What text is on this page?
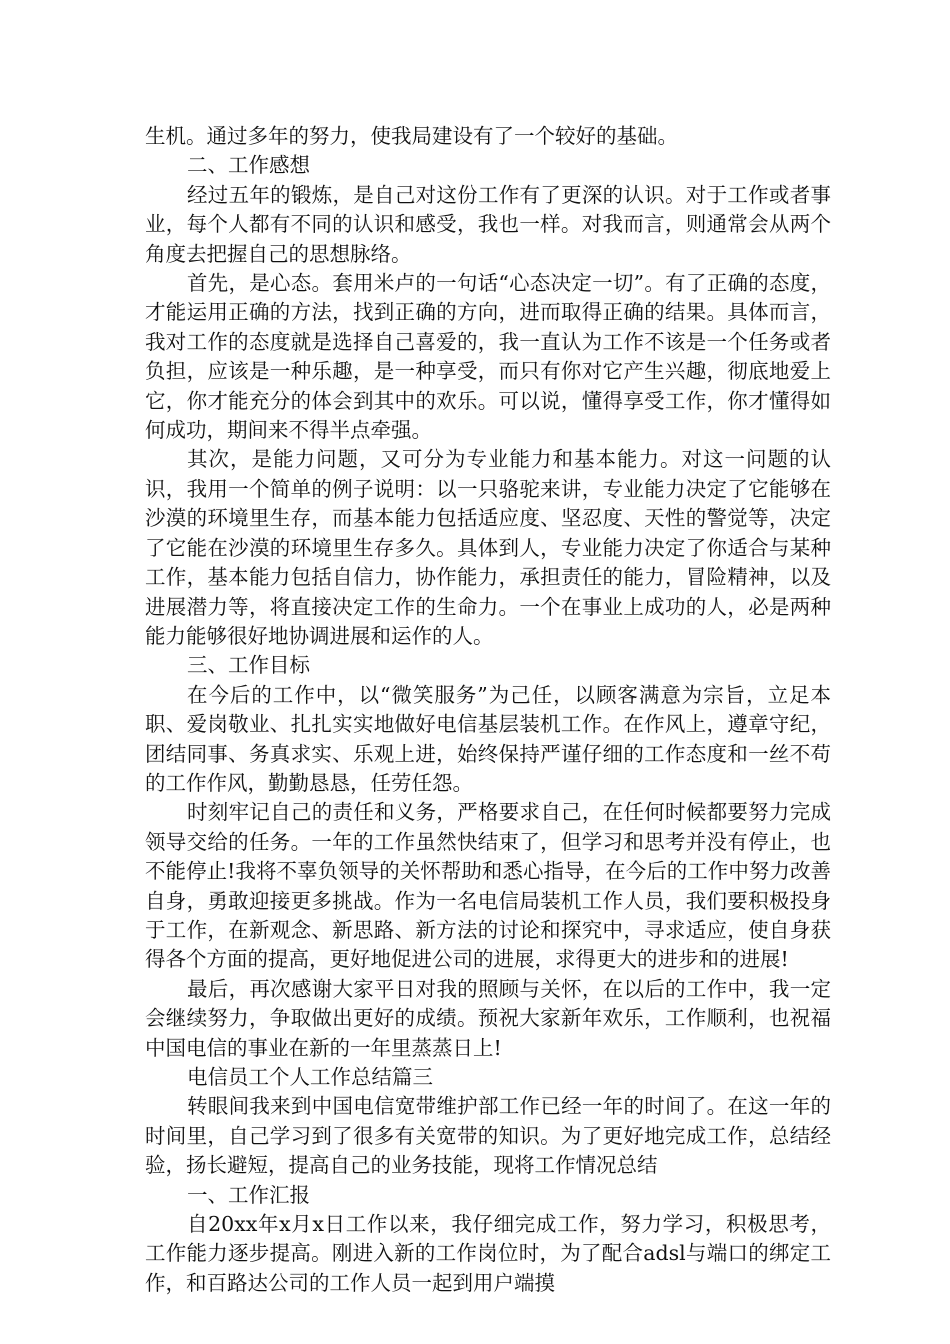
生机。通过多年的努力，使我局建设有了一个较好的基础。

二、工作感想

经过五年的锻炼，是自己对这份工作有了更深的认识。对于工作或者事业，每个人都有不同的认识和感受，我也一样。对我而言，则通常会从两个角度去把握自己的思想脉络。

首先，是心态。套用米卢的一句话“心态决定一切”。有了正确的态度，才能运用正确的方法，找到正确的方向，进而取得正确的结果。具体而言，我对工作的态度就是选择自己喜爱的，我一直认为工作不该是一个任务或者负担，应该是一种乐趣，是一种享受，而只有你对它产生兴趣，彻底地爱上它，你才能充分的体会到其中的欢乐。可以说，懂得享受工作，你才懂得如何成功，期间来不得半点牵强。

其次，是能力问题，又可分为专业能力和基本能力。对这一问题的认识，我用一个简单的例子说明：以一只骆驼来讲，专业能力决定了它能够在沙漠的环境里生存，而基本能力包括适应度、坚忍度、天性的警觉等，决定了它能在沙漠的环境里生存多久。具体到人，专业能力决定了你适合与某种工作，基本能力包括自信力，协作能力，承担责任的能力，冒险精神，以及进展潜力等，将直接决定工作的生命力。一个在事业上成功的人，必是两种能力能够很好地协调进展和运作的人。

三、工作目标

在今后的工作中，以“微笑服务”为己任，以顾客满意为宗旨，立足本职、爱岗敬业、扎扎实实地做好电信基层装机工作。在作风上，遵章守纪，团结同事、务真求实、乐观上进，始终保持严谨仔细的工作态度和一丝不苟的工作作风，勤勤恳恳，任劳任怨。

时刻牢记自己的责任和义务，严格要求自己，在任何时候都要努力完成领导交给的任务。一年的工作虽然快结束了，但学习和思考并没有停止，也不能停止!我将不辜负领导的关怀帮助和悉心指导，在今后的工作中努力改善自身，勇敢迎接更多挑战。作为一名电信局装机工作人员，我们要积极投身于工作，在新观念、新思路、新方法的讨论和探究中，寻求适应，使自身获得各个方面的提高，更好地促进公司的进展，求得更大的进步和的进展!

最后，再次感谢大家平日对我的照顾与关怀，在以后的工作中，我一定会继续努力，争取做出更好的成绩。预祝大家新年欢乐，工作顺利，也祝福中国电信的事业在新的一年里蒸蒸日上!

电信员工个人工作总结篇三

转眼间我来到中国电信宽带维护部工作已经一年的时间了。在这一年的时间里，自己学习到了很多有关宽带的知识。为了更好地完成工作，总结经验，扬长避短，提高自己的业务技能，现将工作情况总结

一、工作汇报

自20xx年x月x日工作以来，我仔细完成工作，努力学习，积极思考，工作能力逐步提高。刚进入新的工作岗位时，为了配合adsl与端口的绑定工作，和百路达公司的工作人员一起到用户端摸
